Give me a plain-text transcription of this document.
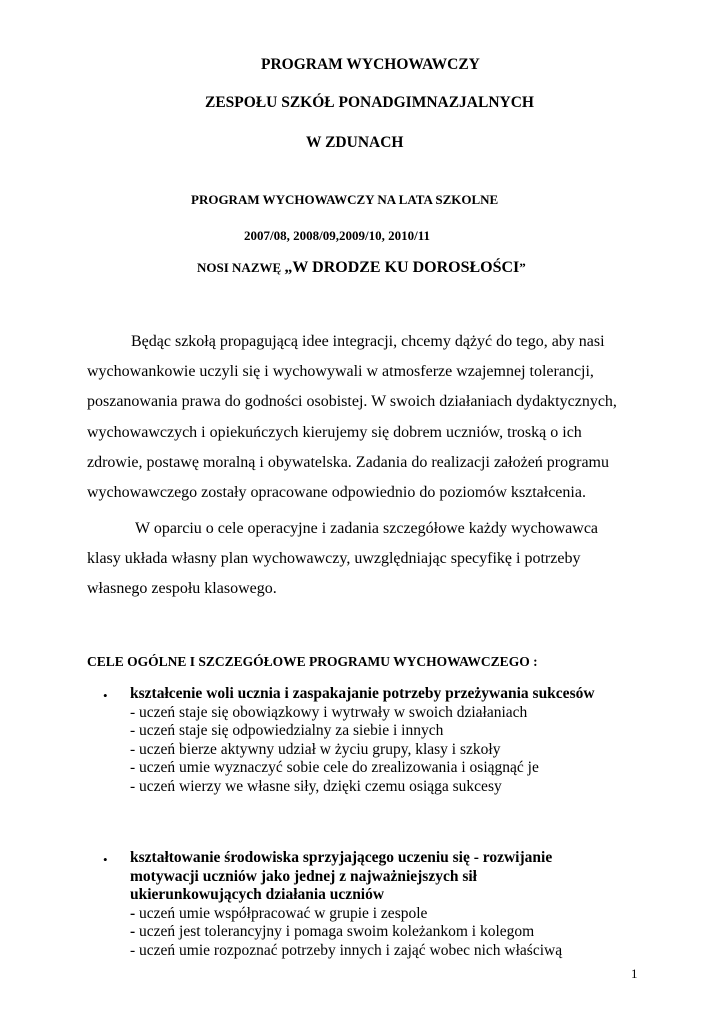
PROGRAM WYCHOWAWCZY
ZESPOŁU SZKÓŁ PONADGIMNAZJALNYCH
W ZDUNACH
PROGRAM WYCHOWAWCZY NA LATA SZKOLNE
2007/08, 2008/09,2009/10, 2010/11
NOSI NAZWĘ „W DRODZE KU DOROSŁOŚCI”
Będąc szkołą propagującą idee integracji, chcemy dążyć do tego, aby nasi
wychowankowie uczyli się i wychowywali w atmosferze wzajemnej tolerancji,
poszanowania prawa do godności osobistej. W swoich działaniach dydaktycznych,
wychowawczych i opiekuńczych kierujemy się dobrem uczniów, troską o ich
zdrowie, postawę moralną i obywatelska. Zadania do realizacji założeń programu
wychowawczego zostały opracowane odpowiednio do poziomów kształcenia.
W oparciu o cele operacyjne i zadania szczegółowe każdy wychowawca
klasy układa własny plan wychowawczy, uwzględniając specyfikę i potrzeby
własnego zespołu klasowego.
CELE OGÓLNE I SZCZEGÓŁOWE PROGRAMU WYCHOWAWCZEGO :
• kształcenie woli ucznia i zaspakajanie potrzeby przeżywania sukcesów
- uczeń staje się obowiązkowy i wytrwały w swoich działaniach
- uczeń staje się odpowiedzialny za siebie i innych
- uczeń bierze aktywny udział w życiu grupy, klasy i szkoły
- uczeń umie wyznaczyć sobie cele do zrealizowania i osiągnąć je
- uczeń wierzy we własne siły, dzięki czemu osiąga sukcesy
• kształtowanie środowiska sprzyjającego uczeniu się - rozwijanie
motywacji uczniów jako jednej z najważniejszych sił
ukierunkowujących działania uczniów
- uczeń umie współpracować w grupie i zespole
- uczeń jest tolerancyjny i pomaga swoim koleżankom i kolegom
- uczeń umie rozpoznać potrzeby innych i zająć wobec nich właściwą
1
